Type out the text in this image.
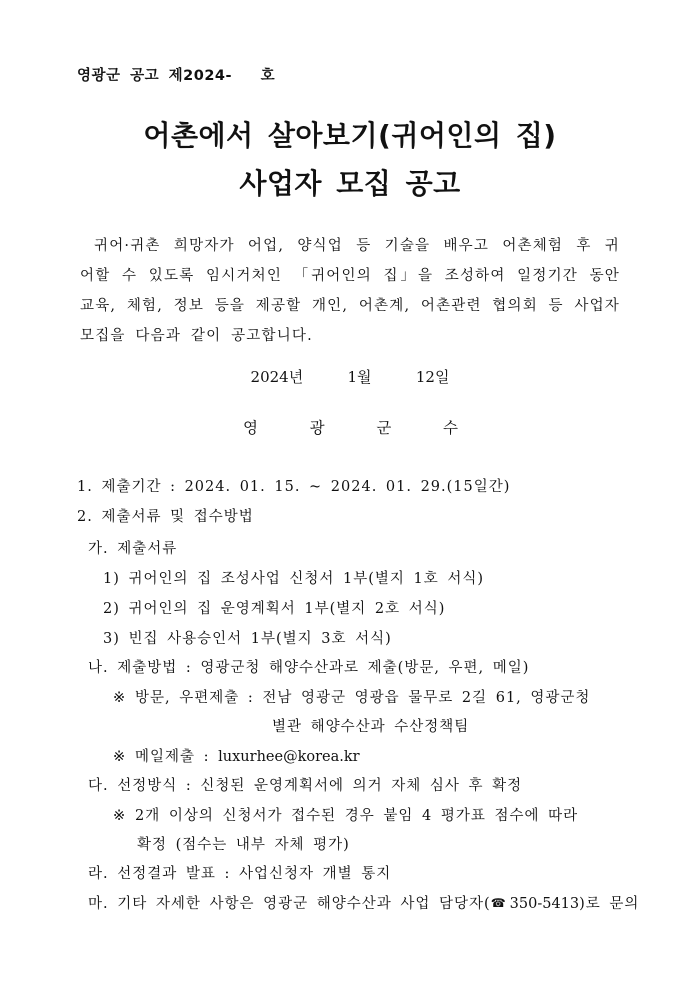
영광군 공고 제2024-   호
어촌에서 살아보기(귀어인의 집)
사업자 모집 공고
귀어·귀촌 희망자가 어업, 양식업 등 기술을 배우고 어촌체험 후 귀
어할 수 있도록 임시거처인 「귀어인의 집」을 조성하여 일정기간 동안
교육, 체험, 정보 등을 제공할 개인, 어촌계, 어촌관련 협의회 등 사업자
모집을 다음과 같이 공고합니다.
2024년   1월   12일
영	광	군	수
1. 제출기간 : 2024. 01. 15. ~ 2024. 01. 29.(15일간)
2. 제출서류 및 접수방법
가. 제출서류
1) 귀어인의 집 조성사업 신청서 1부(별지 1호 서식)
2) 귀어인의 집 운영계획서 1부(별지 2호 서식)
3) 빈집 사용승인서 1부(별지 3호 서식)
나. 제출방법 : 영광군청 해양수산과로 제출(방문, 우편, 메일)
※ 방문, 우편제출 : 전남 영광군 영광읍 물무로 2길 61, 영광군청
별관 해양수산과 수산정책팀
※ 메일제출 : luxurhee@korea.kr
다. 선정방식 : 신청된 운영계획서에 의거 자체 심사 후 확정
※ 2개 이상의 신청서가 접수된 경우 붙임 4 평가표 점수에 따라
확정 (점수는 내부 자체 평가)
라. 선정결과 발표 : 사업신청자 개별 통지
마. 기타 자세한 사항은 영광군 해양수산과 사업 담당자(☎ 350-5413)로 문의
